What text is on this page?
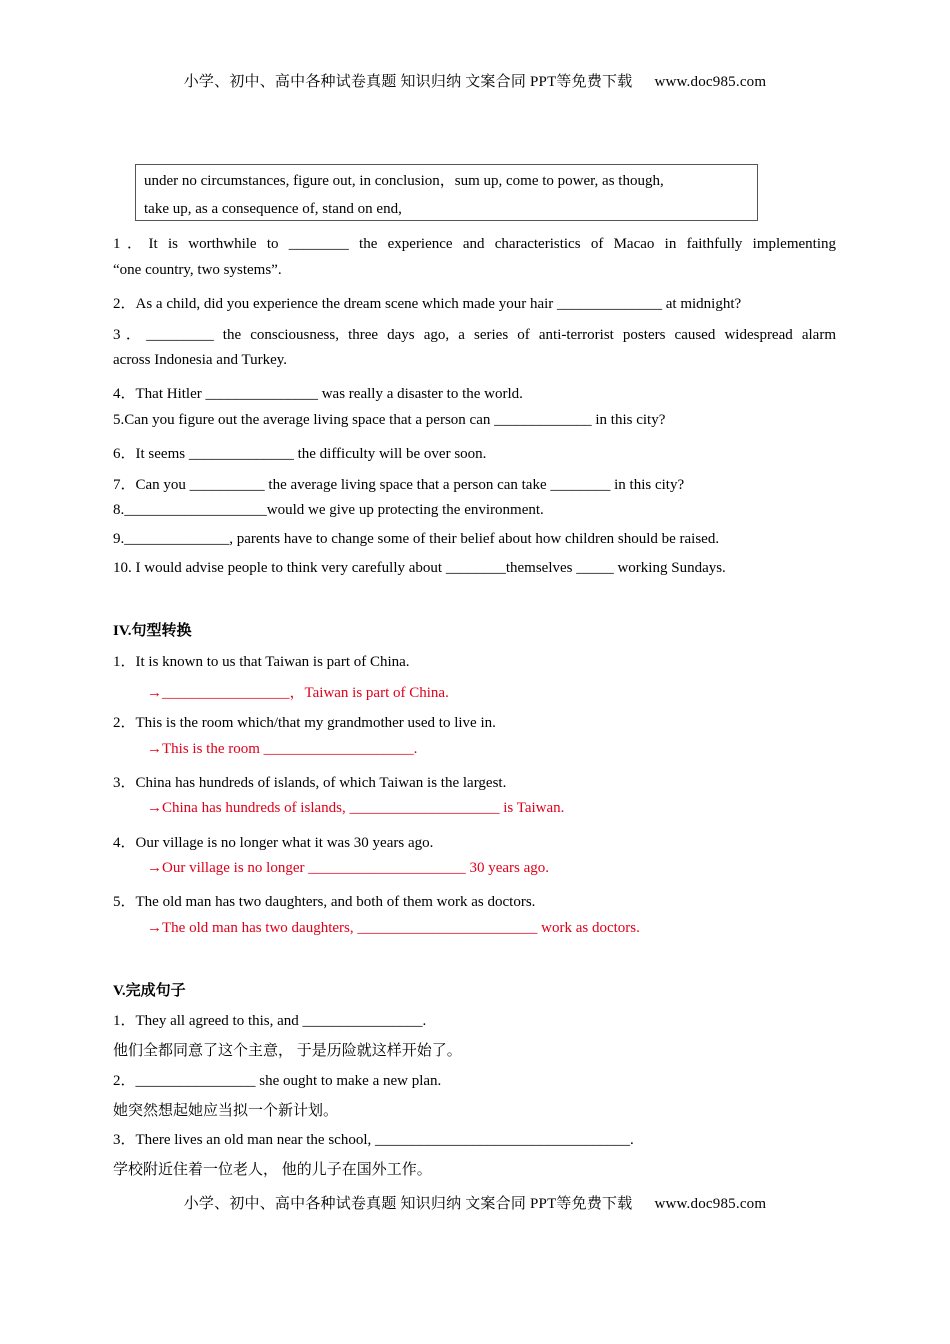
小学、初中、高中各种试卷真题 知识归纳 文案合同 PPT等免费下载 www.doc985.com
under no circumstances, figure out, in conclusion，sum up, come to power, as though,
take up, as a consequence of, stand on end,
1．It is worthwhile to ________ the experience and characteristics of Macao in faithfully implementing
“one country, two systems”.
2．As a child, did you experience the dream scene which made your hair ______________ at midnight?
3．_________ the consciousness, three days ago, a series of anti-terrorist posters caused widespread alarm
across Indonesia and Turkey.
4．That Hitler _______________ was really a disaster to the world.
5.Can you figure out the average living space that a person can _____________ in this city?
6．It seems ______________ the difficulty will be over soon.
7．Can you __________ the average living space that a person can take ________ in this city?
8.___________________would we give up protecting the environment.
9.______________, parents have to change some of their belief about how children should be raised.
10. I would advise people to think very carefully about ________themselves _____ working Sundays.
IV.句型转换
1．It is known to us that Taiwan is part of China.
→_________________，Taiwan is part of China.
2．This is the room which/that my grandmother used to live in.
→This is the room ____________________.
3．China has hundreds of islands, of which Taiwan is the largest.
→China has hundreds of islands, ____________________ is Taiwan.
4．Our village is no longer what it was 30 years ago.
→Our village is no longer _____________________ 30 years ago.
5．The old man has two daughters, and both of them work as doctors.
→The old man has two daughters, ________________________ work as doctors.
V.完成句子
1．They all agreed to this, and ________________.
他们全都同意了这个主意， 于是历险就这样开始了。
2．________________ she ought to make a new plan.
她突然想起她应当拟一个新计划。
3．There lives an old man near the school, __________________________________.
学校附近住着一位老人， 他的儿子在国外工作。
小学、初中、高中各种试卷真题 知识归纳 文案合同 PPT等免费下载 www.doc985.com
